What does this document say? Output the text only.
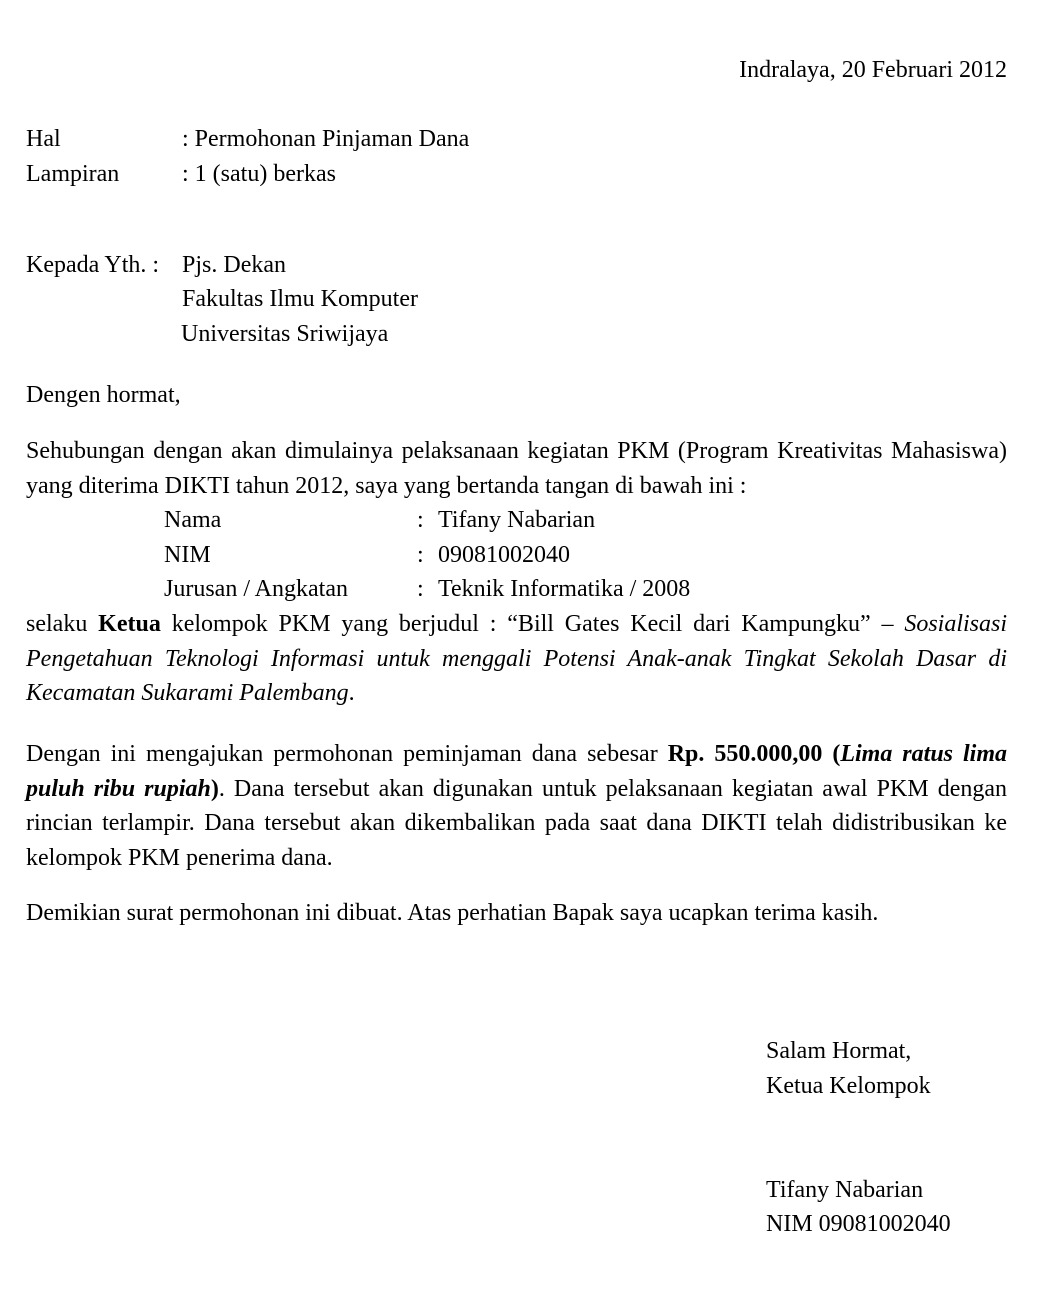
Indralaya, 20 Februari 2012
Hal	: Permohonan Pinjaman Dana
Lampiran	: 1 (satu) berkas
Kepada Yth. : Pjs. Dekan
Fakultas Ilmu Komputer
Universitas Sriwijaya
Dengen hormat,
Sehubungan dengan akan dimulainya pelaksanaan kegiatan PKM (Program Kreativitas Mahasiswa) yang diterima DIKTI tahun 2012, saya yang bertanda tangan di bawah ini :
Nama	: Tifany Nabarian
NIM	: 09081002040
Jurusan / Angkatan	: Teknik Informatika / 2008
selaku Ketua kelompok PKM yang berjudul : “Bill Gates Kecil dari Kampungku” – Sosialisasi Pengetahuan Teknologi Informasi untuk menggali Potensi Anak-anak Tingkat Sekolah Dasar di Kecamatan Sukarami Palembang.
Dengan ini mengajukan permohonan peminjaman dana sebesar Rp. 550.000,00 (Lima ratus lima puluh ribu rupiah). Dana tersebut akan digunakan untuk pelaksanaan kegiatan awal PKM dengan rincian terlampir. Dana tersebut akan dikembalikan pada saat dana DIKTI telah didistribusikan ke kelompok PKM penerima dana.
Demikian surat permohonan ini dibuat. Atas perhatian Bapak saya ucapkan terima kasih.
Salam Hormat,
Ketua Kelompok
Tifany Nabarian
NIM 09081002040
